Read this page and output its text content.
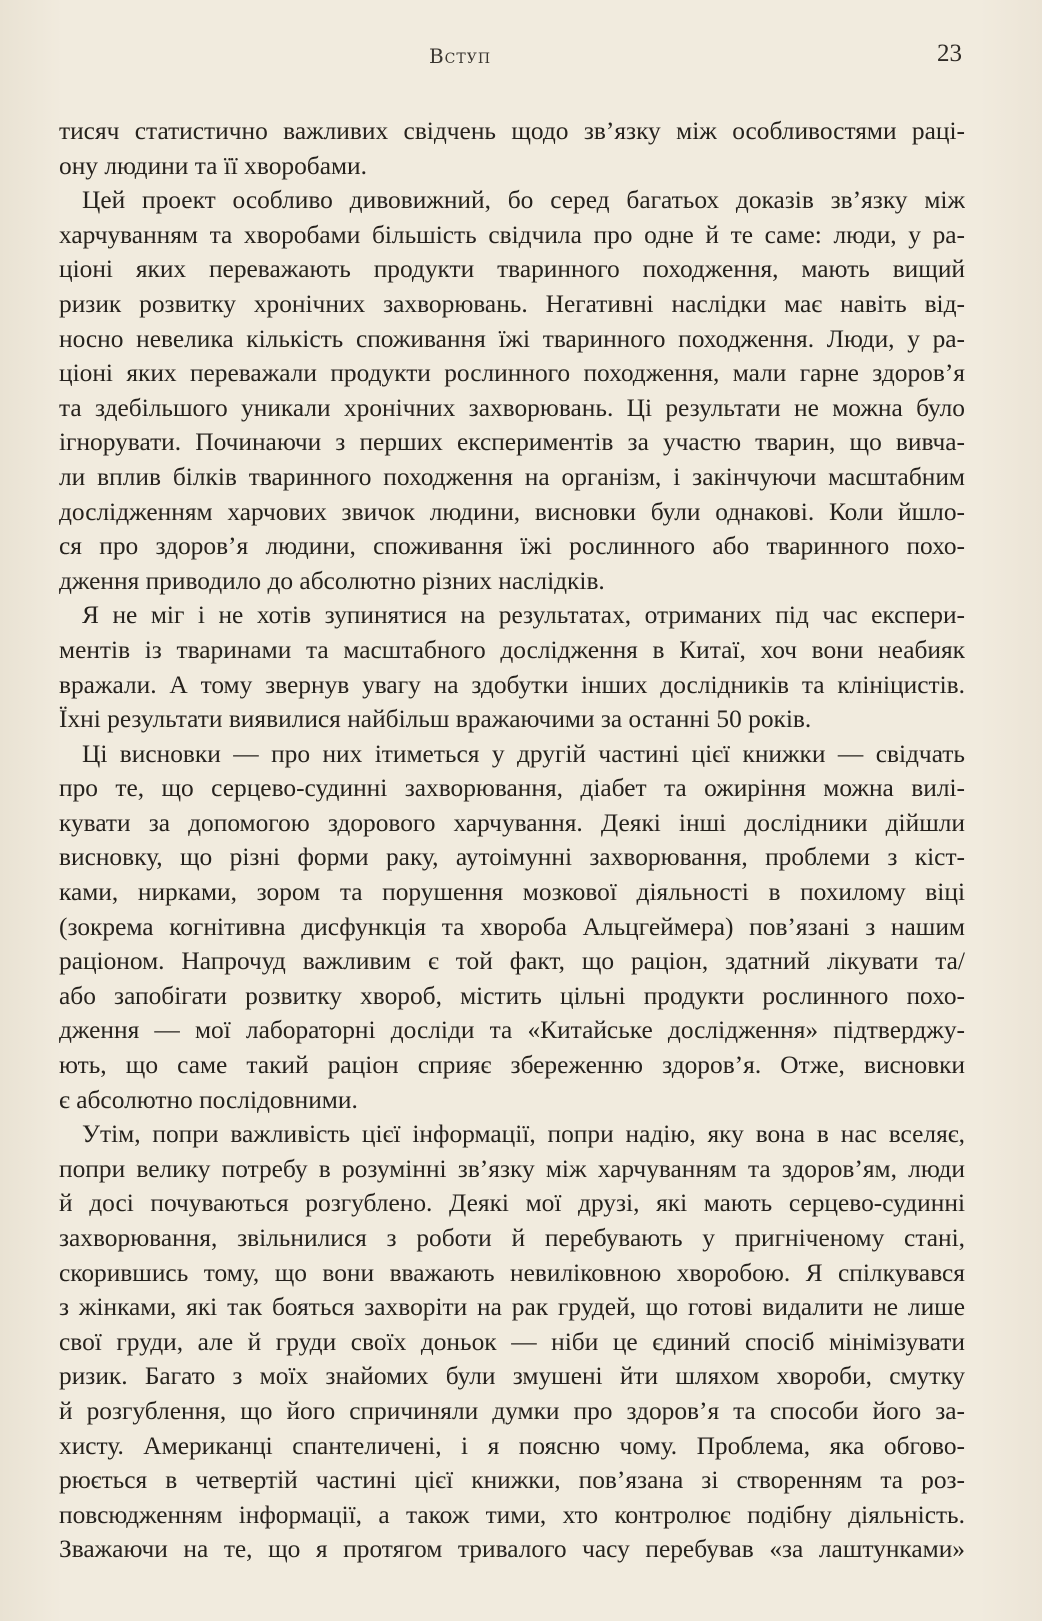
Вступ	23
тисяч статистично важливих свідчень щодо зв’язку між особливостями раці-
ону людини та її хворобами.
Цей проект особливо дивовижний, бо серед багатьох доказів зв’язку між
харчуванням та хворобами більшість свідчила про одне й те саме: люди, у ра-
ціоні яких переважають продукти тваринного походження, мають вищий
ризик розвитку хронічних захворювань. Негативні наслідки має навіть від-
носно невелика кількість споживання їжі тваринного походження. Люди, у ра-
ціоні яких переважали продукти рослинного походження, мали гарне здоров’я
та здебільшого уникали хронічних захворювань. Ці результати не можна було
ігнорувати. Починаючи з перших експериментів за участю тварин, що вивча-
ли вплив білків тваринного походження на організм, і закінчуючи масштабним
дослідженням харчових звичок людини, висновки були однакові. Коли йшло-
ся про здоров’я людини, споживання їжі рослинного або тваринного похо-
дження приводило до абсолютно різних наслідків.
Я не міг і не хотів зупинятися на результатах, отриманих під час експери-
ментів із тваринами та масштабного дослідження в Китаї, хоч вони неабияк
вражали. А тому звернув увагу на здобутки інших дослідників та клініцистів.
Їхні результати виявилися найбільш вражаючими за останні 50 років.
Ці висновки — про них ітиметься у другій частині цієї книжки — свідчать
про те, що серцево-судинні захворювання, діабет та ожиріння можна вилі-
кувати за допомогою здорового харчування. Деякі інші дослідники дійшли
висновку, що різні форми раку, аутоімунні захворювання, проблеми з кіст-
ками, нирками, зором та порушення мозкової діяльності в похилому віці
(зокрема когнітивна дисфункція та хвороба Альцгеймера) пов’язані з нашим
раціоном. Напрочуд важливим є той факт, що раціон, здатний лікувати та/
або запобігати розвитку хвороб, містить цільні продукти рослинного похо-
дження — мої лабораторні досліди та «Китайське дослідження» підтверджу-
ють, що саме такий раціон сприяє збереженню здоров’я. Отже, висновки
є абсолютно послідовними.
Утім, попри важливість цієї інформації, попри надію, яку вона в нас вселяє,
попри велику потребу в розумінні зв’язку між харчуванням та здоров’ям, люди
й досі почуваються розгублено. Деякі мої друзі, які мають серцево-судинні
захворювання, звільнилися з роботи й перебувають у пригніченому стані,
скорившись тому, що вони вважають невиліковною хворобою. Я спілкувався
з жінками, які так бояться захворіти на рак грудей, що готові видалити не лише
свої груди, але й груди своїх доньок — ніби це єдиний спосіб мінімізувати
ризик. Багато з моїх знайомих були змушені йти шляхом хвороби, смутку
й розгублення, що його спричиняли думки про здоров’я та способи його за-
хисту. Американці спантеличені, і я поясню чому. Проблема, яка обгово-
рюється в четвертій частині цієї книжки, пов’язана зі створенням та роз-
повсюдженням інформації, а також тими, хто контролює подібну діяльність.
Зважаючи на те, що я протягом тривалого часу перебував «за лаштунками»
